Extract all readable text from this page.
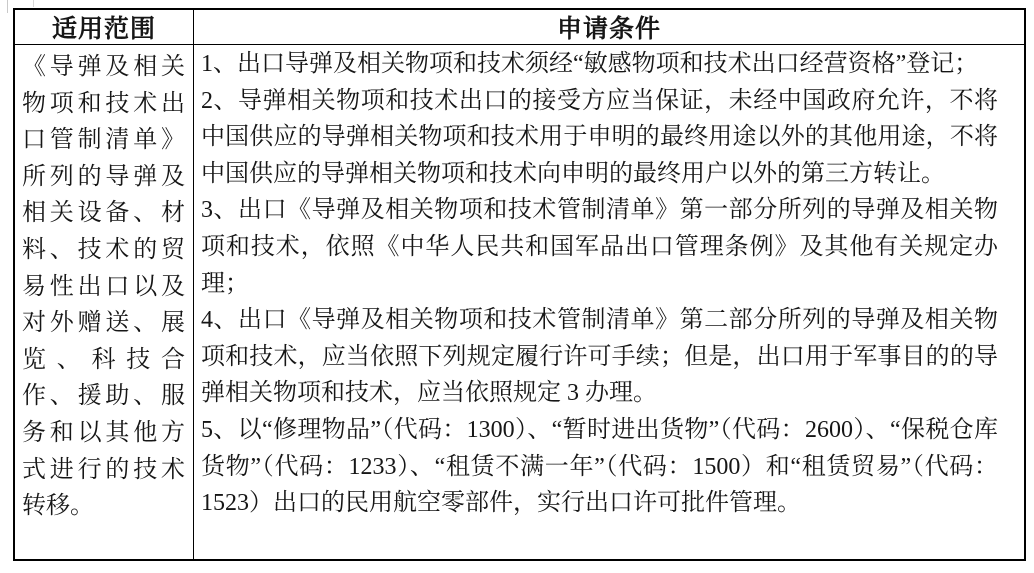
适用范围	申请条件

《导弹及相关物项和技术出口管制清单》所列的导弹及相关设备、材料、技术的贸易性出口以及对外赠送、展览、科技合作、援助、服务和以其他方式进行的技术转移。

1、出口导弹及相关物项和技术须经“敏感物项和技术出口经营资格”登记；

2、导弹相关物项和技术出口的接受方应当保证，未经中国政府允许，不将中国供应的导弹相关物项和技术用于申明的最终用途以外的其他用途，不将中国供应的导弹相关物项和技术向申明的最终用户以外的第三方转让。

3、出口《导弹及相关物项和技术管制清单》第一部分所列的导弹及相关物项和技术，依照《中华人民共和国军品出口管理条例》及其他有关规定办理；

4、出口《导弹及相关物项和技术管制清单》第二部分所列的导弹及相关物项和技术，应当依照下列规定履行许可手续；但是，出口用于军事目的的导弹相关物项和技术，应当依照规定 3 办理。

5、以“修理物品”（代码：1300）、“暂时进出货物”（代码：2600）、“保税仓库货物”（代码：1233）、“租赁不满一年”（代码：1500）和“租赁贸易”（代码：1523）出口的民用航空零部件，实行出口许可批件管理。
